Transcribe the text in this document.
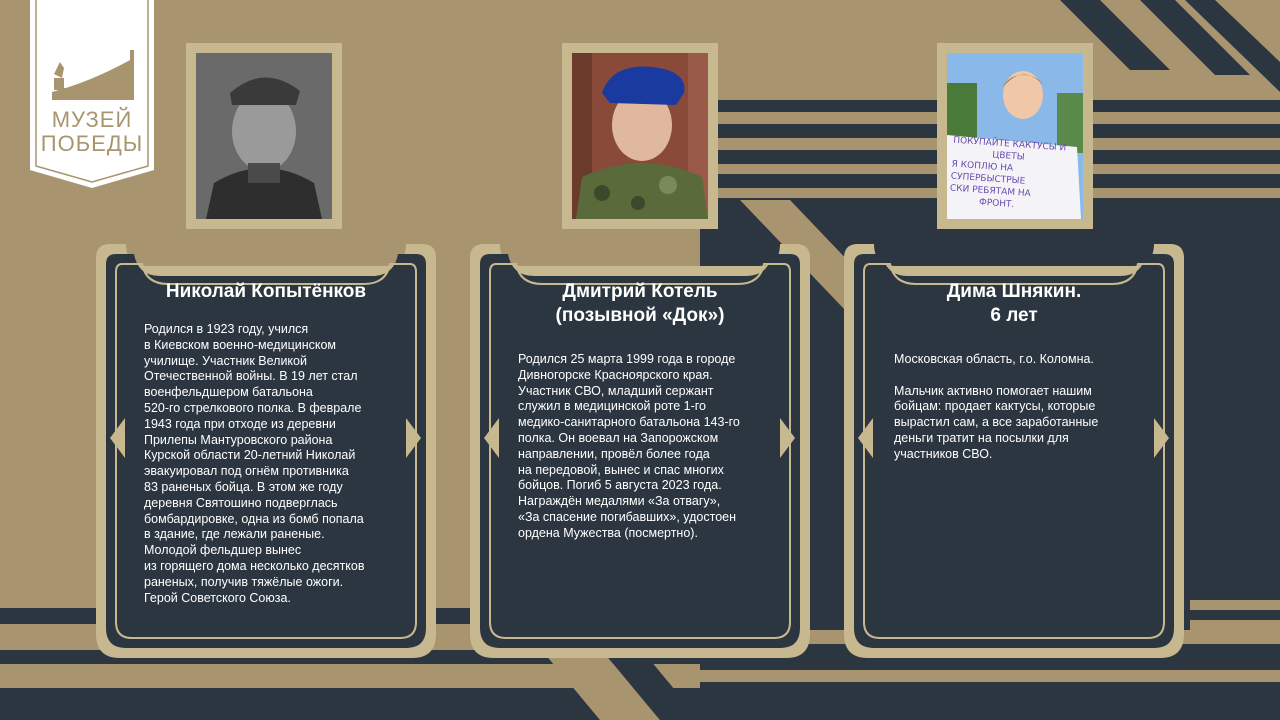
МУЗЕЙ
ПОБЕДЫ
Николай Копытёнков
Родился в 1923 году, учился
в Киевском военно-медицинском
училище. Участник Великой
Отечественной войны. В 19 лет стал
военфельдшером батальона
520-го стрелкового полка. В феврале
1943 года при отходе из деревни
Прилепы Мантуровского района
Курской области 20-летний Николай
эвакуировал под огнём противника
83 раненых бойца. В этом же году
деревня Святошино подверглась
бомбардировке, одна из бомб попала
в здание, где лежали раненые.
Молодой фельдшер вынес
из горящего дома несколько десятков
раненых, получив тяжёлые ожоги.
Герой Советского Союза.
Дмитрий Котель
(позывной «Док»)
Родился 25 марта 1999 года в городе
Дивногорске Красноярского края.
Участник СВО, младший сержант
служил в медицинской роте 1-го
медико-санитарного батальона 143-го
полка. Он воевал на Запорожском
направлении, провёл более года
на передовой, вынес и спас многих
бойцов. Погиб 5 августа 2023 года.
Награждён медалями «За отвагу»,
«За спасение погибавших», удостоен
ордена Мужества (посмертно).
Дима Шнякин.
6 лет
Московская область, г.о. Коломна.

Мальчик активно помогает нашим
бойцам: продает кактусы, которые
вырастил сам, а все заработанные
деньги тратит на посылки для
участников СВО.
ПОКУПАЙТЕ КАКТУСЫ И
ЦВЕТЫ
Я КОПЛЮ НА
СУПЕРБЫСТРЫЕ
СКИ РЕБЯТАМ НА
ФРОНТ.
